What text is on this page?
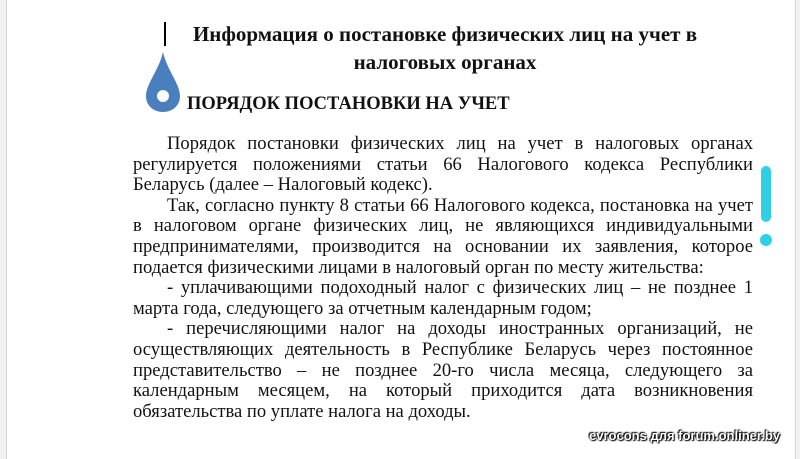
Информация о постановке физических лиц на учет в налоговых органах
ПОРЯДОК ПОСТАНОВКИ НА УЧЕТ

Порядок постановки физических лиц на учет в налоговых органах регулируется положениями статьи 66 Налогового кодекса Республики Беларусь (далее – Налоговый кодекс).

Так, согласно пункту 8 статьи 66 Налогового кодекса, постановка на учет в налоговом органе физических лиц, не являющихся индивидуальными предпринимателями, производится на основании их заявления, которое подается физическими лицами в налоговый орган по месту жительства:

- уплачивающими подоходный налог с физических лиц – не позднее 1 марта года, следующего за отчетным календарным годом;

- перечисляющими налог на доходы иностранных организаций, не осуществляющих деятельность в Республике Беларусь через постоянное представительство – не позднее 20-го числа месяца, следующего за календарным месяцем, на который приходится дата возникновения обязательства по уплате налога на доходы.

evrocons для forum.onliner.by
